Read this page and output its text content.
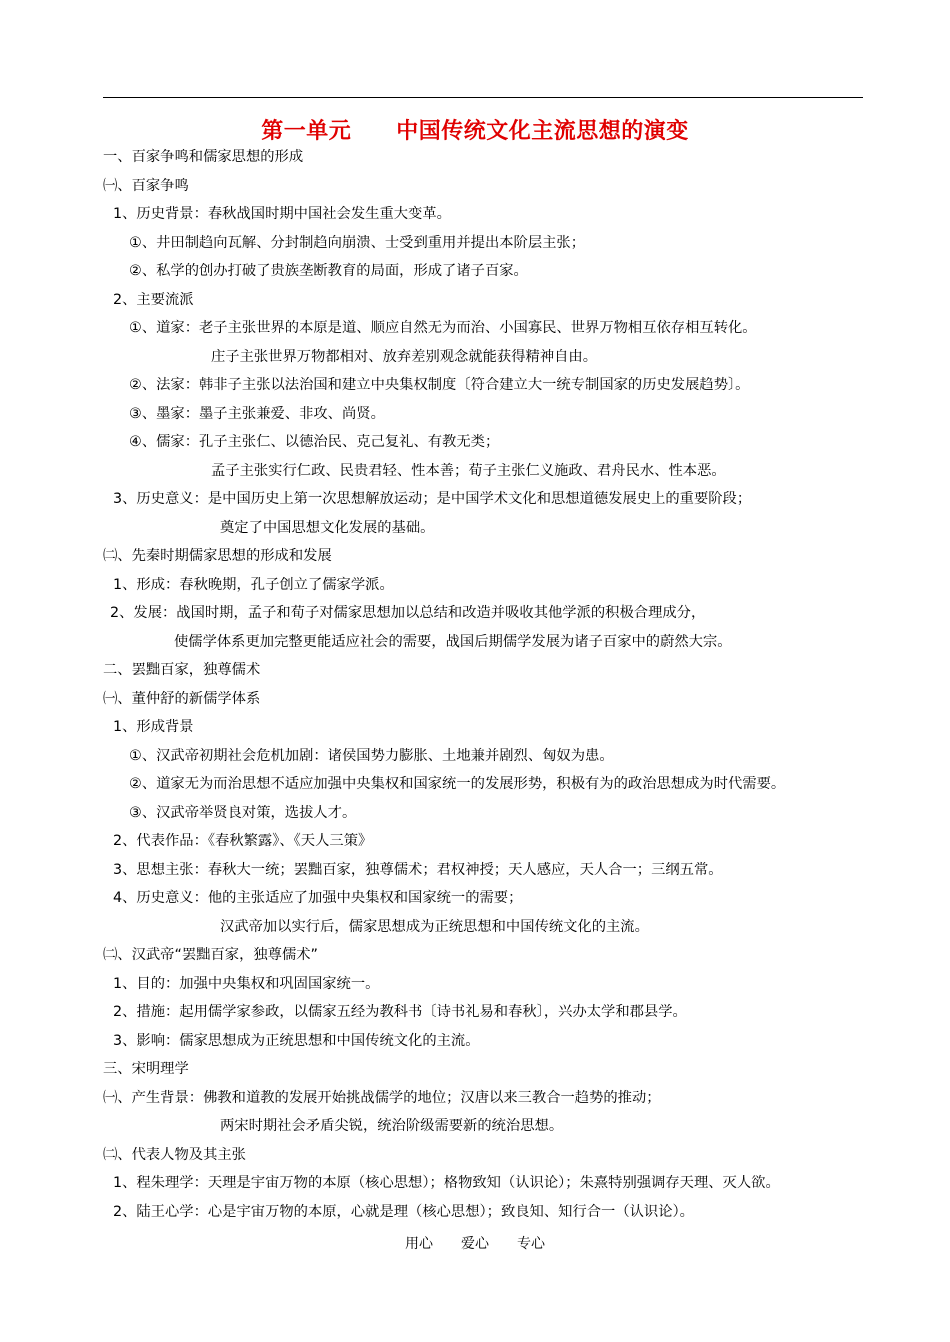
第一单元　　中国传统文化主流思想的演变
一、百家争鸣和儒家思想的形成
㈠、百家争鸣
1、历史背景：春秋战国时期中国社会发生重大变革。
①、井田制趋向瓦解、分封制趋向崩溃、士受到重用并提出本阶层主张；
②、私学的创办打破了贵族垄断教育的局面，形成了诸子百家。
2、主要流派
①、道家：老子主张世界的本原是道、顺应自然无为而治、小国寡民、世界万物相互依存相互转化。
庄子主张世界万物都相对、放弃差别观念就能获得精神自由。
②、法家：韩非子主张以法治国和建立中央集权制度〔符合建立大一统专制国家的历史发展趋势〕。
③、墨家：墨子主张兼爱、非攻、尚贤。
④、儒家：孔子主张仁、以德治民、克己复礼、有教无类；
孟子主张实行仁政、民贵君轻、性本善；荀子主张仁义施政、君舟民水、性本恶。
3、历史意义：是中国历史上第一次思想解放运动；是中国学术文化和思想道德发展史上的重要阶段；
奠定了中国思想文化发展的基础。
㈡、先秦时期儒家思想的形成和发展
1、形成：春秋晚期，孔子创立了儒家学派。
2、发展：战国时期，孟子和荀子对儒家思想加以总结和改造并吸收其他学派的积极合理成分，
使儒学体系更加完整更能适应社会的需要，战国后期儒学发展为诸子百家中的蔚然大宗。
二、罢黜百家，独尊儒术
㈠、董仲舒的新儒学体系
1、形成背景
①、汉武帝初期社会危机加剧：诸侯国势力膨胀、土地兼并剧烈、匈奴为患。
②、道家无为而治思想不适应加强中央集权和国家统一的发展形势，积极有为的政治思想成为时代需要。
③、汉武帝举贤良对策，选拔人才。
2、代表作品：《春秋繁露》、《天人三策》
3、思想主张：春秋大一统；罢黜百家，独尊儒术；君权神授；天人感应，天人合一；三纲五常。
4、历史意义：他的主张适应了加强中央集权和国家统一的需要；
汉武帝加以实行后，儒家思想成为正统思想和中国传统文化的主流。
㈡、汉武帝“罢黜百家，独尊儒术”
1、目的：加强中央集权和巩固国家统一。
2、措施：起用儒学家参政，以儒家五经为教科书〔诗书礼易和春秋〕，兴办太学和郡县学。
3、影响：儒家思想成为正统思想和中国传统文化的主流。
三、宋明理学
㈠、产生背景：佛教和道教的发展开始挑战儒学的地位；汉唐以来三教合一趋势的推动；
两宋时期社会矛盾尖锐，统治阶级需要新的统治思想。
㈡、代表人物及其主张
1、程朱理学：天理是宇宙万物的本原（核心思想）；格物致知（认识论）；朱熹特别强调存天理、灭人欲。
2、陆王心学：心是宇宙万物的本原，心就是理（核心思想）；致良知、知行合一（认识论）。
用心　　爱心　　专心
